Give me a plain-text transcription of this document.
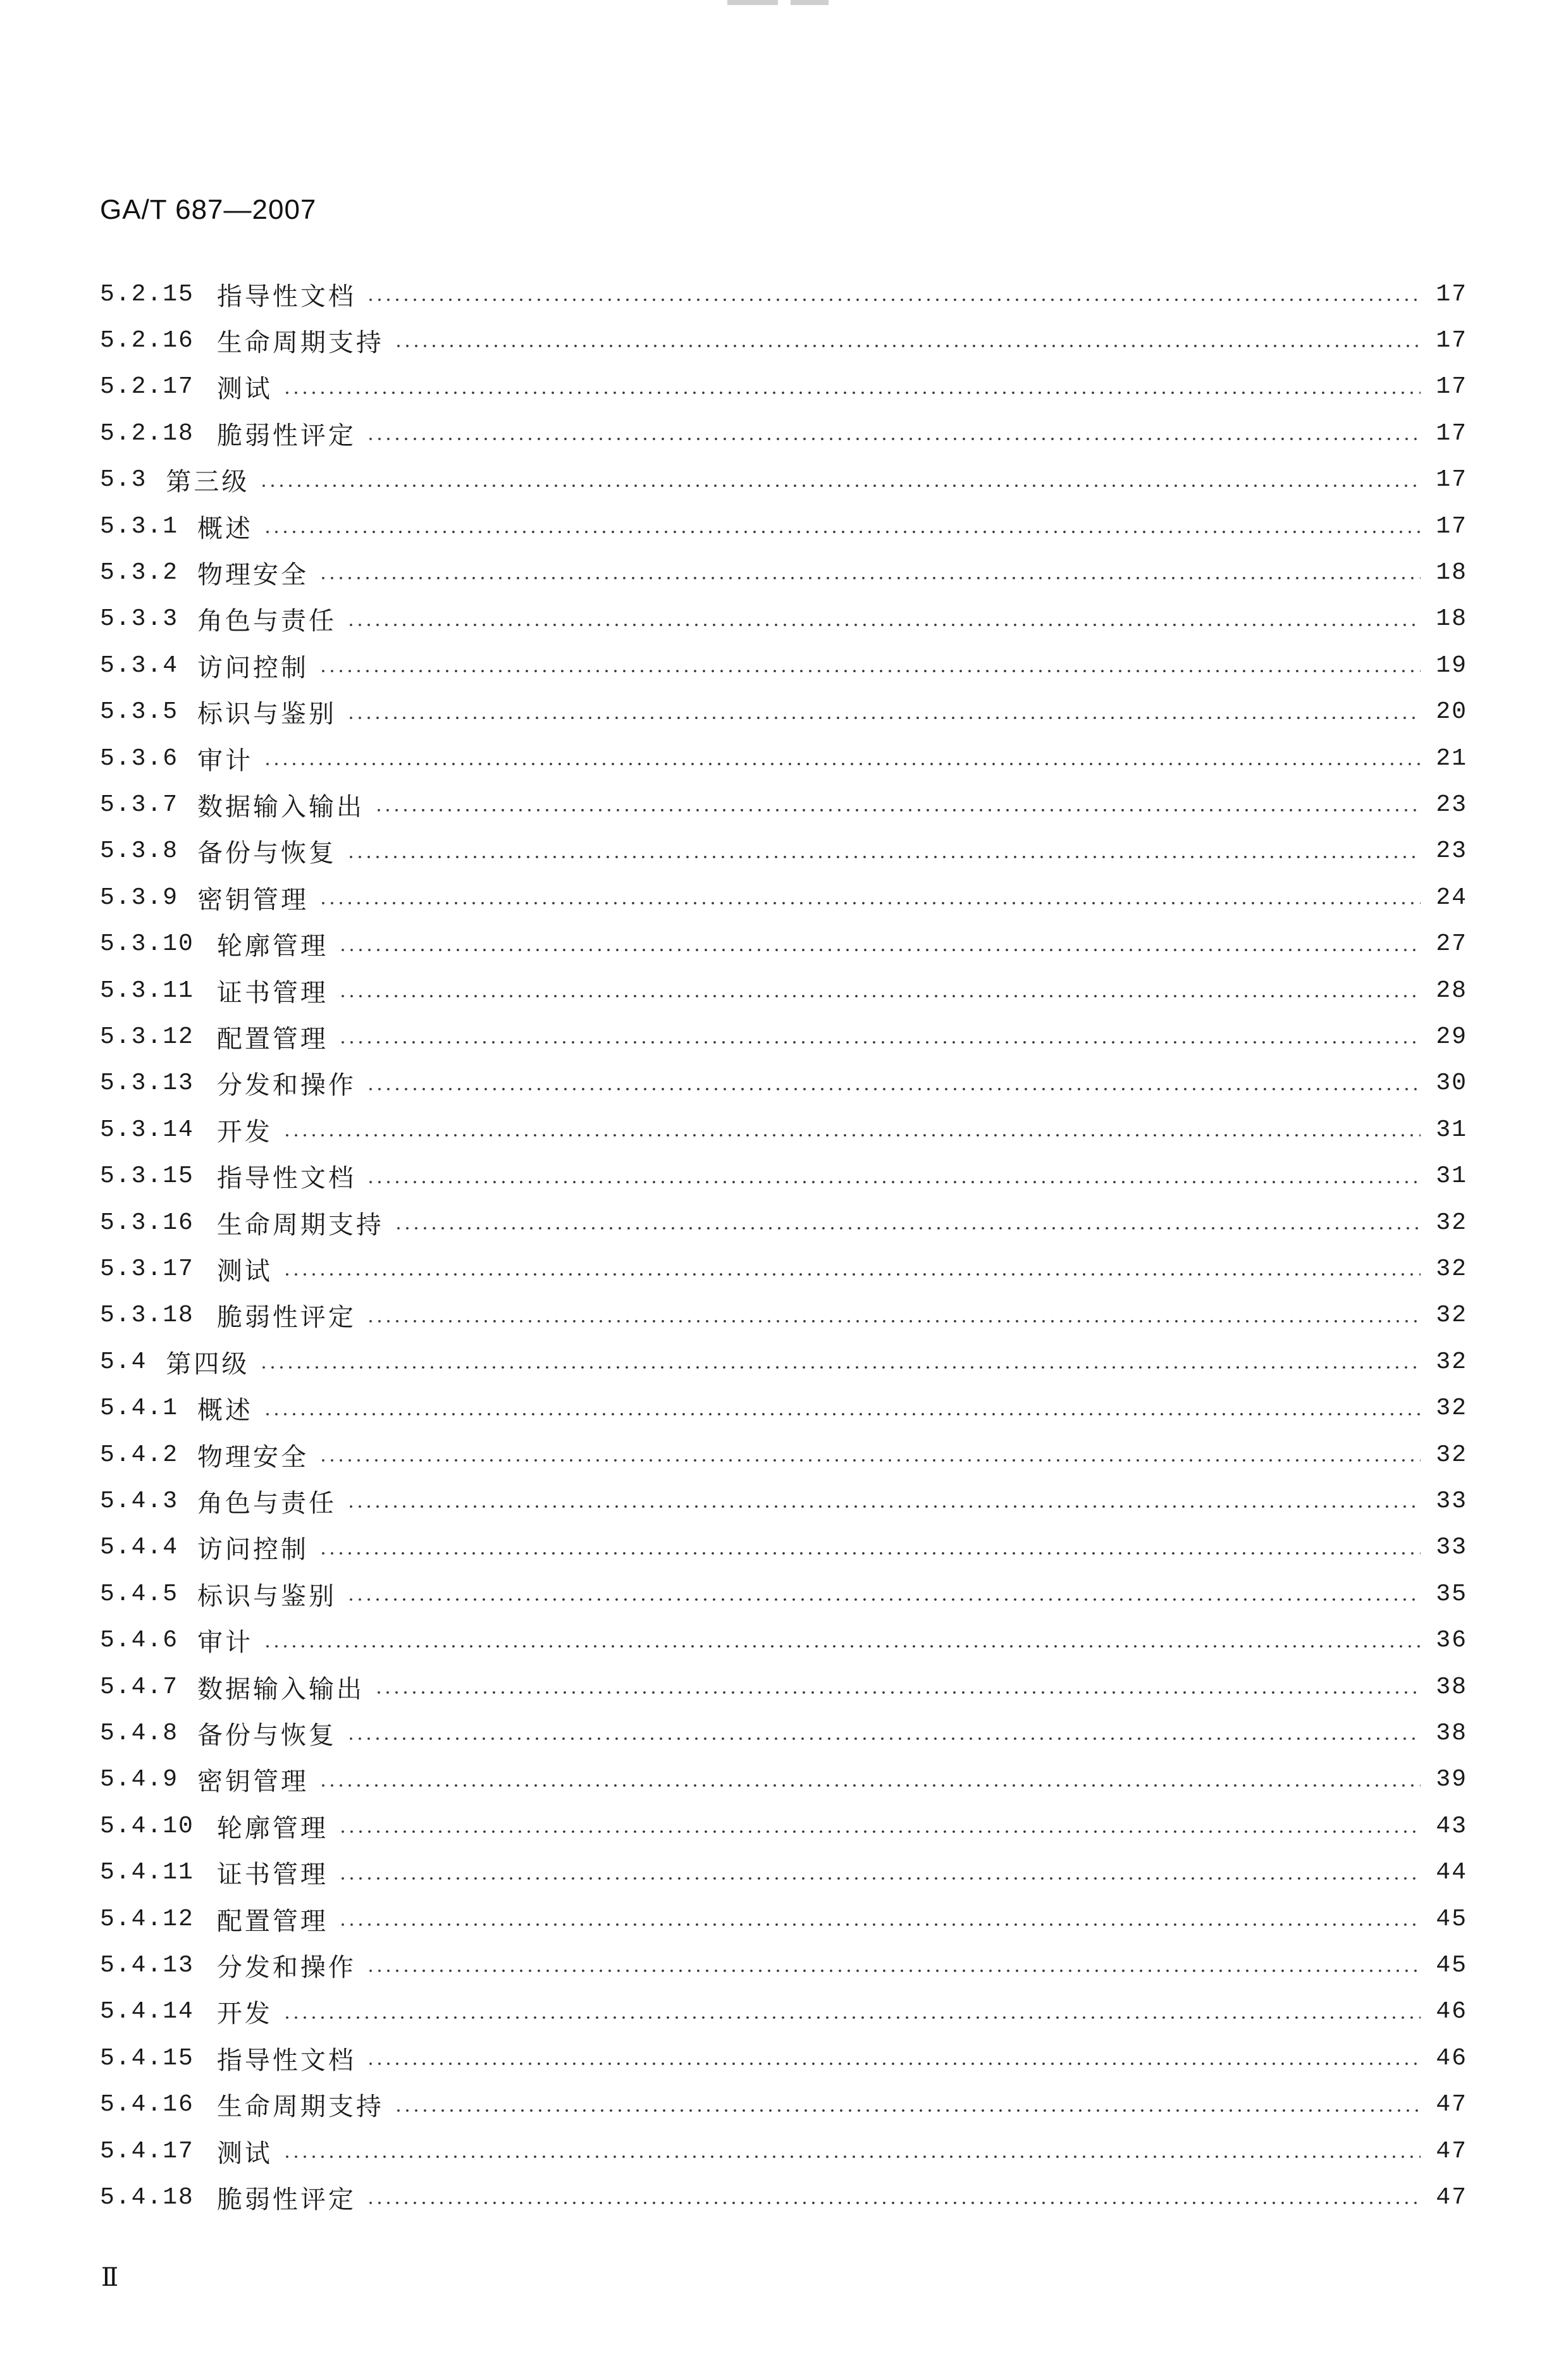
GA/T 687—2007
5.2.15 指导性文档	17
5.2.16 生命周期支持	17
5.2.17 测试	17
5.2.18 脆弱性评定	17
5.3 第三级	17
5.3.1 概述	17
5.3.2 物理安全	18
5.3.3 角色与责任	18
5.3.4 访问控制	19
5.3.5 标识与鉴别	20
5.3.6 审计	21
5.3.7 数据输入输出	23
5.3.8 备份与恢复	23
5.3.9 密钥管理	24
5.3.10 轮廓管理	27
5.3.11 证书管理	28
5.3.12 配置管理	29
5.3.13 分发和操作	30
5.3.14 开发	31
5.3.15 指导性文档	31
5.3.16 生命周期支持	32
5.3.17 测试	32
5.3.18 脆弱性评定	32
5.4 第四级	32
5.4.1 概述	32
5.4.2 物理安全	32
5.4.3 角色与责任	33
5.4.4 访问控制	33
5.4.5 标识与鉴别	35
5.4.6 审计	36
5.4.7 数据输入输出	38
5.4.8 备份与恢复	38
5.4.9 密钥管理	39
5.4.10 轮廓管理	43
5.4.11 证书管理	44
5.4.12 配置管理	45
5.4.13 分发和操作	45
5.4.14 开发	46
5.4.15 指导性文档	46
5.4.16 生命周期支持	47
5.4.17 测试	47
5.4.18 脆弱性评定	47
Ⅱ
